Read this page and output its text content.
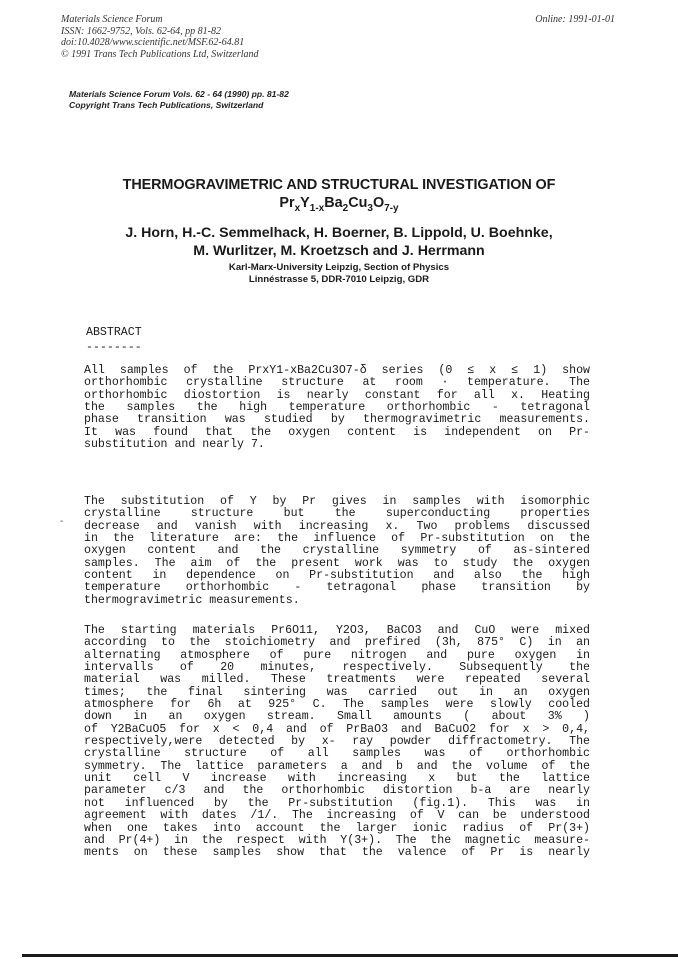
Materials Science Forum
ISSN: 1662-9752, Vols. 62-64, pp 81-82
doi:10.4028/www.scientific.net/MSF.62-64.81
© 1991 Trans Tech Publications Ltd, Switzerland
Online: 1991-01-01
Materials Science Forum Vols. 62 - 64 (1990) pp. 81-82
Copyright Trans Tech Publications, Switzerland
THERMOGRAVIMETRIC AND STRUCTURAL INVESTIGATION OF
$Pr_xY_{1-x}Ba_2Cu_3O_{7-y}$
J. Horn, H.-C. Semmelhack, H. Boerner, B. Lippold, U. Boehnke,
M. Wurlitzer, M. Kroetzsch and J. Herrmann
Karl-Marx-University Leipzig, Section of Physics
Linnéstrasse 5, DDR-7010 Leipzig, GDR
ABSTRACT
--------
All samples of the PrxY1-xBa2Cu3O7-δ series (0 ≤ x ≤ 1) show
orthorhombic crystalline structure at room · temperature. The
orthorhombic diostortion is nearly constant for all x. Heating
the samples the high temperature orthorhombic - tetragonal
phase transition was studied by thermogravimetric measurements.
It was found that the oxygen content is independent on Pr-
substitution and nearly 7.
-
The substitution of Y by Pr gives in samples with isomorphic
crystalline structure but the superconducting properties
decrease and vanish with increasing x. Two problems discussed
in the literature are: the influence of Pr-substitution on the
oxygen content and the crystalline symmetry of as-sintered
samples. The aim of the present work was to study the oxygen
content in dependence on Pr-substitution and also the high
temperature orthorhombic - tetragonal phase transition by
thermogravimetric measurements.
The starting materials Pr6O11, Y2O3, BaCO3 and CuO were mixed
according to the stoichiometry and prefired (3h, 875° C) in an
alternating atmosphere of pure nitrogen and pure oxygen in
intervalls of 20 minutes, respectively. Subsequently the
material was milled. These treatments were repeated several
times; the final sintering was carried out in an oxygen
atmosphere for 6h at 925° C. The samples were slowly cooled
down in an oxygen stream. Small amounts ( about 3% )
of Y2BaCuO5 for x < 0,4 and of PrBaO3 and BaCuO2 for x > 0,4,
respectively,were detected by x- ray powder diffractometry. The
crystalline structure of all samples was of orthorhombic
symmetry. The lattice parameters a and b and the volume of the
unit cell V increase with increasing x but the lattice
parameter c/3 and the orthorhombic distortion b-a are nearly
not influenced by the Pr-substitution (fig.1). This was in
agreement with dates /1/. The increasing of V can be understood
when one takes into account the larger ionic radius of Pr(3+)
and Pr(4+) in the respect with Y(3+). The the magnetic measure-
ments on these samples show that the valence of Pr is nearly
